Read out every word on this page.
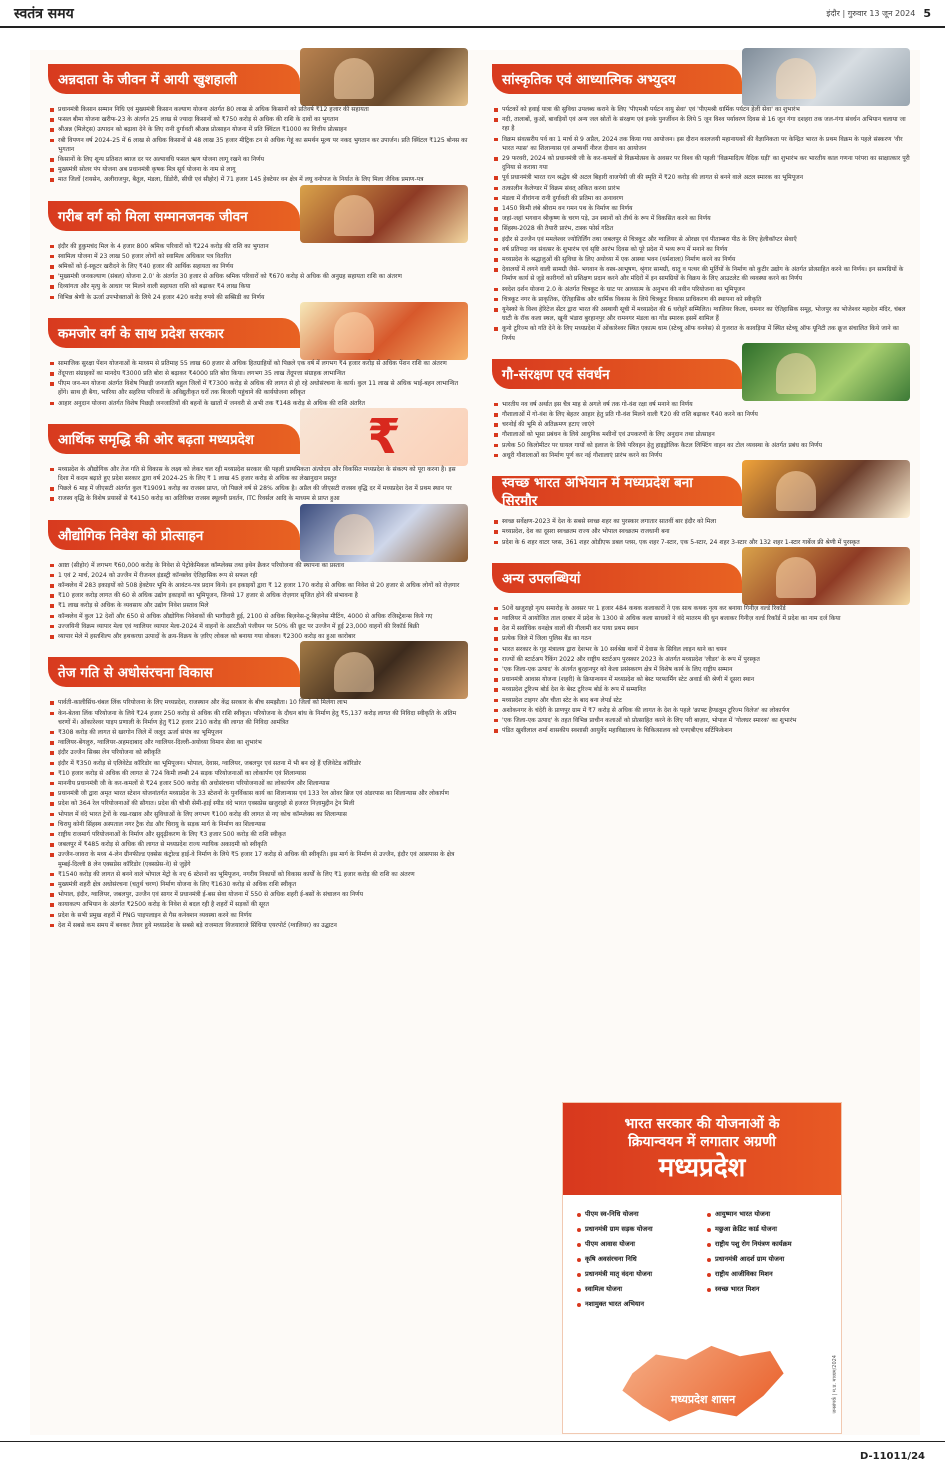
स्वतंत्र समय	इंदौर | गुरुवार 13 जून 2024 5
अन्नदाता के जीवन में आयी खुशहाली
प्रधानमंत्री किसान सम्मान निधि एवं मुख्यमंत्री किसान कल्याण योजना अंतर्गत 80 लाख से अधिक किसानों को प्रतिवर्ष ₹12 हजार की सहायता
फसल बीमा योजना खरीफ-23 के अंतर्गत 25 लाख से ज्यादा किसानों को ₹750 करोड़ से अधिक की राशि के दावों का भुगतान
श्रीअन्न (मिलेट्स) उत्पादन को बढ़ावा देने के लिए रानी दुर्गावती श्रीअन्न प्रोत्साहन योजना में प्रति क्विंटल ₹1000 का वित्तीय प्रोत्साहन
रबी विपणन वर्ष 2024-25 में 6 लाख से अधिक किसानों से 48 लाख 35 हजार मीट्रिक टन से अधिक गेहूं का समर्थन मूल्य पर नकद भुगतान कर उपार्जन। प्रति क्विंटल ₹125 बोनस का भुगतान
किसानों के लिए शून्य प्रतिशत ब्याज दर पर अल्पावधि फसल ऋण योजना लागू रखने का निर्णय
मुख्यमंत्री सोलर पंप योजना अब प्रधानमंत्री कृषक मित्र सूर्य योजना के नाम से लागू
मात जिलों (रायसेन, अलीराजपुर, बैतूल, मंडला, डिंडोरी, सीधी एवं सीहोर) में 71 हजार 145 हेक्टेयर वन क्षेत्र में लघु वनोपज के निर्यात के लिए मिला जैविक प्रमाण-पत्र
गरीब वर्ग को मिला सम्मानजनक जीवन
इंदौर की हुकुमचंद मिल के 4 हजार 800 श्रमिक परिवारों को ₹224 करोड़ की राशि का भुगतान
स्वामित्व योजना में 23 लाख 50 हजार लोगों को स्वामित्व अधिकार पत्र वितरित
श्रमिकों को ई-स्कूटर खरीदने के लिए ₹40 हजार की आर्थिक सहायता का निर्णय
'मुख्यमंत्री जनकल्याण (संबल) योजना 2.0' के अंतर्गत 30 हजार से अधिक श्रमिक परिवारों को ₹670 करोड़ से अधिक की अनुग्रह सहायता राशि का अंतरण
दिव्यांगता और मृत्यु के आधार पर मिलने वाली सहायता राशि को बढ़ाकर ₹4 लाख किया
विभिन्न श्रेणी के ऊर्जा उपभोक्ताओं के लिये 24 हजार 420 करोड़ रुपये की सब्सिडी का निर्णय
कमजोर वर्ग के साथ प्रदेश सरकार
सामाजिक सुरक्षा पेंशन योजनाओं के माध्यम से प्रतिमाह 55 लाख 60 हजार से अधिक हितग्राहियों को पिछले एक वर्ष में लगभग ₹4 हजार करोड़ से अधिक पेंशन राशि का अंतरण
तेंदूपत्ता संग्राहकों का मानदेय ₹3000 प्रति बोरा से बढ़ाकर ₹4000 प्रति बोरा किया। लगभग 35 लाख तेंदूपत्ता संग्राहक लाभान्वित
पीएम जन-मन योजना अंतर्गत विशेष पिछड़ी जनजाति बहुल जिलों में ₹7300 करोड़ से अधिक की लागत से हो रहे अधोसंरचना के कार्य। कुल 11 लाख से अधिक भाई-बहन लाभान्वित होंगे। साथ ही बैगा, भारिया और सहरिया परिवारों के अविद्युतीकृत घरों तक बिजली पहुंचाने की कार्ययोजना स्वीकृत
आहार अनुदान योजना अंतर्गत विशेष पिछड़ी जनजातियों की बहनों के खातों में जनवरी से अभी तक ₹148 करोड़ से अधिक की राशि अंतरित
आर्थिक समृद्धि की ओर बढ़ता मध्यप्रदेश	₹
मध्यप्रदेश के औद्योगिक और तेज गति से विकास के लक्ष्य को लेकर चल रही मध्यप्रदेश सरकार की पहली प्राथमिकता अंत्योदय और विकसित मध्यप्रदेश के संकल्प को पूरा करना है। इस दिशा में कदम बढ़ाते हुए प्रदेश सरकार द्वारा वर्ष 2024-25 के लिए ₹ 1 लाख 45 हजार करोड़ से अधिक का लेखानुदान प्रस्तुत
पिछले 6 माह में जीएसटी अंतर्गत कुल ₹19091 करोड़ का राजस्व प्राप्त, जो पिछले वर्ष से 28% अधिक है। अप्रैल की जीएसटी राजस्व वृद्धि दर में मध्यप्रदेश देश में प्रथम स्थान पर
राजस्व वृद्धि के विशेष प्रयासों से ₹4150 करोड़ का अतिरिक्त राजस्व स्थूलनी प्रवर्तन, ITC रिवर्सल आदि के माध्यम से प्राप्त हुआ
औद्योगिक निवेश को प्रोत्साहन
आष्टा (सीहोर) में लगभग ₹60,000 करोड़ के निवेश से पेट्रोकेमिकल कॉम्प्लेक्स तथा इथेन क्रैकर परियोजना की स्थापना का प्रस्ताव
1 एवं 2 मार्च, 2024 को उज्जैन में रीजनल इंडस्ट्री कॉन्क्लेव ऐतिहासिक रूप से सफल रही
कॉन्क्लेव में 283 इकाइयों को 508 हेक्टेयर भूमि के आवंटन-पत्र प्रदान किये। इन इकाइयों द्वारा ₹ 12 हजार 170 करोड़ से अधिक का निवेश से 20 हजार से अधिक लोगों को रोज़गार
₹10 हजार करोड़ लागत की 60 से अधिक उद्योग इकाइयों का भूमिपूजन, जिनसे 17 हजार से अधिक रोज़गार सृजित होने की संभावना है
₹1 लाख करोड़ से अधिक के व्यवसाय और उद्योग निवेश प्रस्ताव मिले
कॉन्क्लेव में कुल 12 देशों और 650 से अधिक औद्योगिक निवेशकों की भागीदारी हुई, 2100 से अधिक बिज़नेस-टू-बिज़नेस मीटिंग, 4000 से अधिक रजिस्ट्रेशन्स किये गए
उज्जयिनी विक्रम व्यापार मेला एवं ग्वालियर व्यापार मेला-2024 में वाहनों के आरटीओ पंजीयन पर 50% की छूट पर उज्जैन में हुई 23,000 वाहनों की रिकॉर्ड बिक्री
व्यापार मेले में हस्तशिल्प और हथकरघा उत्पादों के क्रय-विक्रय के ज़रिए लोकल को बनाया गया वोकल। ₹2300 करोड़ का हुआ कारोबार
तेज गति से अधोसंरचना विकास
पार्वती-कालीसिंध-चंबल लिंक परियोजना के लिए मध्यप्रदेश, राजस्थान और केंद्र सरकार के बीच समझौता। 10 जिलों को मिलेगा लाभ
केन-बेतवा लिंक परियोजना के लिये ₹24 हजार 250 करोड़ से अधिक की राशि स्वीकृत। परियोजना के दौधन बांध के निर्माण हेतु ₹5,137 करोड़ लागत की निविदा स्वीकृति के अंतिम चरणों में। ओंकारेश्वर पाइप प्रणाली के निर्माण हेतु ₹12 हजार 210 करोड़ की लागत की निविदा आमंत्रित
₹308 करोड़ की लागत से खरगोन जिले में जलूद ऊर्जा संयंत्र का भूमिपूजन
ग्वालियर-बेंगलुरु, ग्वालियर-अहमदाबाद और ग्वालियर-दिल्ली-अयोध्या विमान सेवा का शुभारंभ
इंदौर उज्जैन सिक्स लेन परियोजना को स्वीकृति
इंदौर में ₹350 करोड़ से एलिवेटेड कॉरिडोर का भूमिपूजन। भोपाल, देवास, ग्वालियर, जबलपुर एवं सतना में भी बन रहे हैं एलिवेटेड कॉरिडोर
₹10 हजार करोड़ से अधिक की लागत से 724 किमी लम्बी 24 सड़क परियोजनाओं का लोकार्पण एवं शिलान्यास
माननीय प्रधानमंत्री जी के कर-कमलों से ₹24 हजार 500 करोड़ की अधोसंरचना परियोजनाओं का लोकार्पण और शिलान्यास
प्रधानमंत्री जी द्वारा अमृत भारत स्टेशन योजनांतर्गत मध्यप्रदेश के 33 स्टेशनों के पुनर्विकास कार्य का शिलान्यास एवं 133 रेल ओवर ब्रिज एवं अंडरपास का शिलान्यास और लोकार्पण
प्रदेश को 364 रेल परियोजनाओं की सौगात। प्रदेश की चौथी सेमी-हाई स्पीड वंदे भारत एक्सप्रेस खजुराहो से हजरत निज़ामुद्दीन ट्रेन मिली
भोपाल में वंदे भारत ट्रेनों के रख-रखाव और सुविधाओं के लिए लगभग ₹100 करोड़ की लागत से नए कोच कॉम्प्लेक्स का शिलान्यास
चिरायु कोनी सिंहस्थ अस्पताल नगर ट्रैक रोड और चिरायु के सड़क मार्ग के निर्माण का शिलान्यास
राष्ट्रीय राजमार्ग परियोजनाओं के निर्माण और सुदृढ़ीकरण के लिए ₹3 हजार 500 करोड़ की राशि स्वीकृत
जबलपुर में ₹485 करोड़ से अधिक की लागत से मध्यप्रदेश राज्य न्यायिक अकादमी को स्वीकृति
उज्जैन-जावरा के मध्य 4-लेन ग्रीनफील्ड एक्सेस कंट्रोल्ड हाई-वे निर्माण के लिये ₹5 हजार 17 करोड़ से अधिक की स्वीकृति। इस मार्ग के निर्माण से उज्जैन, इंदौर एवं आसपास के क्षेत्र मुम्बई-दिल्ली 8 लेन एक्सप्रेस कॉरिडोर (एक्सप्रेस-वे) से जुड़ेंगे
₹1540 करोड़ की लागत से बनने वाले भोपाल मेट्रो के नए 6 स्टेशनों का भूमिपूजन, नगरीय निकायों को विकास कार्यों के लिए ₹1 हजार करोड़ की राशि का अंतरण
मुख्यमंत्री शहरी क्षेत्र अधोसंरचना (चतुर्थ चरण) निर्माण योजना के लिए ₹1630 करोड़ से अधिक राशि स्वीकृत
भोपाल, इंदौर, ग्वालियर, जबलपुर, उज्जैन एवं सागर में प्रधानमंत्री ई-बस सेवा योजना में 550 से अधिक शहरी ई-बसों के संचालन का निर्णय
कायाकल्प अभियान के अंतर्गत ₹2500 करोड़ के निवेश से बदल रही है शहरों में सड़कों की सूरत
प्रदेश के सभी प्रमुख शहरों में PNG पाइपलाइन से गैस कनेक्शन व्यवस्था करने का निर्णय
देश में सबसे कम समय में बनकर तैयार हुये मध्यप्रदेश के सबसे बड़े राजमाता विजयाराजे सिंधिया एयरपोर्ट (ग्वालियर) का उद्घाटन
सांस्कृतिक एवं आध्यात्मिक अभ्युदय
पर्यटकों को हवाई यात्रा की सुविधा उपलब्ध कराने के लिए 'पीएमश्री पर्यटन वायु सेवा' एवं 'पीएमश्री धार्मिक पर्यटन हेली सेवा' का शुभारंभ
नदी, तालाबों, कुओं, बावड़ियों एवं अन्य जल स्रोतों के संरक्षण एवं इनके पुनर्जीवन के लिये 5 जून विश्व पर्यावरण दिवस से 16 जून गंगा दशहरा तक जल-गंगा संवर्धन अभियान चलाया जा रहा है
विक्रम संवत्सरीय पर्व का 1 मार्च से 9 अप्रैल, 2024 तक किया गया आयोजन। इस दौरान कालजयी महानायकों की वैज्ञानिकता पर केन्द्रित भारत के प्रथम विक्रम के पहले संस्करण 'वीर भारत न्यास' का शिलान्यास एवं अभ्यर्थी नीरज दीवान का आयोजन
29 फरवरी, 2024 को प्रधानमंत्री जी के कर-कमलों से विक्रमोत्सव के अवसर पर विश्व की पहली 'विक्रमादित्य वैदिक घड़ी' का शुभारंभ कर भारतीय काल गणना परंपरा का साक्षात्कार पूरी दुनिया से कराया गया
पूर्व प्रधानमंत्री भारत रत्न श्रद्धेय श्री अटल बिहारी वाजपेयी जी की स्मृति में ₹20 करोड़ की लागत से बनने वाले अटल स्मारक का भूमिपूजन
तत्कालीन कैलेण्डर में विक्रम संवत् अंकित करना प्रारंभ
मंडला में वीरांगना रानी दुर्गावती की प्रतिमा का अनावरण
1450 किमी लंबे श्रीराम वन गमन पथ के निर्माण का निर्णय
जहां-जहां भगवान श्रीकृष्ण के चरण पड़े, उन स्थानों को तीर्थ के रूप में विकसित करने का निर्णय
सिंहस्थ-2028 की तैयारी प्रारंभ, टास्क फोर्स गठित
इंदौर से उज्जैन एवं ममलेश्वर ज्योतिर्लिंग तथा जबलपुर से चित्रकूट और ग्वालियर से ओरछा एवं पीताम्बरा पीठ के लिए हेलीकॉप्टर सेवाएँ
वर्ष प्रतिपदा नव संवत्सर के शुभारंभ एवं सृष्टि आरंभ दिवस को पूरे प्रदेश में भव्य रूप में मनाने का निर्णय
मध्यप्रदेश के श्रद्धालुओं की सुविधा के लिए अयोध्या में एक आस्था भवन (धर्मशाला) निर्माण करने का निर्णय
देवालयों में लगने वाली सामग्री जैसे- भगवान के वस्त्र-आभूषण, श्रृंगार सामग्री, धातु व पत्थर की मूर्तियों के निर्माण को कुटीर उद्योग के अंतर्गत प्रोत्साहित करने का निर्णय। इन सामग्रियों के निर्माण कार्य से जुड़े कारीगरों को प्रशिक्षण प्रदान करने और मंदिरों में इन सामग्रियों के विक्रय के लिए आउटलेट की व्यवस्था करने का निर्णय
स्वदेश दर्शन योजना 2.0 के अंतर्गत चित्रकूट के घाट पर आध्यात्म के अनुभव की नवीन परियोजना का भूमिपूजन
चित्रकूट नगर के प्राकृतिक, ऐतिहासिक और धार्मिक विकास के लिये चित्रकूट विकास प्राधिकरण की स्थापना को स्वीकृति
यूनेस्को के विश्व हेरिटेज सेंटर द्वारा भारत की अस्थायी सूची में मध्यप्रदेश की 6 धरोहरें सम्मिलित। ग्वालियर किला, धमनार का ऐतिहासिक समूह, भोजपुर का भोजेश्वर महादेव मंदिर, चंबल घाटी के रॉक कला स्थल, खूनी भंडारा बुरहानपुर और रामनगर मंडला का गोंड स्मारक इसमें शामिल हैं
कूनो टूरिज्म को गति देने के लिए मध्यप्रदेश में ओंकारेश्वर स्थित एकात्म धाम (स्टेच्यू ऑफ वननेस) से गुजरात के कावड़िया में स्थित स्टेच्यू ऑफ यूनिटी तक क्रूज संचालित किये जाने का निर्णय
गौ-संरक्षण एवं संवर्धन
भारतीय नव वर्ष अर्थात इस चैत्र माह से अगले वर्ष तक गो-वंश रक्षा वर्ष मनाने का निर्णय
गौशालाओं में गो-वंश के लिए बेहतर आहार हेतु प्रति गौ-वंश मिलने वाली ₹20 की राशि बढ़ाकर ₹40 करने का निर्णय
चरनोई की भूमि से अतिक्रमण हटाए जाएंगे
गौशालाओं को भूसा प्रबंधन के लिये आधुनिक मशीनों एवं उपकरणों के लिए अनुदान तथा प्रोत्साहन
प्रत्येक 50 किलोमीटर पर घायल गायों को इलाज के लिये परिवहन हेतु हाइड्रोलिक कैटल लिफ्टिंग वाहन का टोल व्यवस्था के अंतर्गत प्रबंध का निर्णय
अधूरी गौशालाओं का निर्माण पूर्ण कर नई गौशालाएं प्रारंभ करने का निर्णय
स्वच्छ भारत अभियान में मध्यप्रदेश बना सिरमौर
स्वच्छ सर्वेक्षण-2023 में देश के सबसे स्वच्छ शहर का पुरस्कार लगातार सातवीं बार इंदौर को मिला
मध्यप्रदेश, देश का दूसरा स्वच्छतम राज्य और भोपाल स्वच्छतम राजधानी बना
प्रदेश के 6 शहर वाटर प्लस, 361 शहर ओडीएफ डबल प्लस, एक शहर 7-स्टार, एक 5-स्टार, 24 शहर 3-स्टार और 132 शहर 1-स्टार गार्बेज फ्री श्रेणी में पुरस्कृत
अन्य उपलब्धियां
50वें खजुराहो नृत्य समारोह के अवसर पर 1 हजार 484 कथक कलाकारों ने एक साथ कथक नृत्य कर बनाया गिनीज़ वर्ल्ड रिकॉर्ड
ग्वालियर में आयोजित ताल दरबार में प्रदेश के 1300 से अधिक कला साधकों ने वंदे मातरम की धुन बजाकर गिनीज़ वर्ल्ड रिकॉर्ड में प्रदेश का नाम दर्ज किया
देश में सर्वाधिक वनक्षेत्र वालों की नीलामी कर पाया प्रथम स्थान
प्रत्येक जिले में जिला पुलिस बैंड का गठन
भारत सरकार के गृह मंत्रालय द्वारा देशभर के 10 सर्वश्रेष्ठ थानों में देवास के सिविल लाइन थाने का चयन
राज्यों की स्टार्टअप रैंकिंग 2022 और राष्ट्रीय स्टार्टअप पुरस्कार 2023 के अंतर्गत मध्यप्रदेश 'लीडर' के रूप में पुरस्कृत
'एक जिला-एक उत्पाद' के अंतर्गत बुरहानपुर को केला प्रसंस्करण क्षेत्र में विशेष कार्य के लिए राष्ट्रीय सम्मान
प्रधानमंत्री आवास योजना (शहरी) के क्रियान्वयन में मध्यप्रदेश को बेस्ट परफार्मिंग स्टेट अवार्ड की श्रेणी में दूसरा स्थान
मध्यप्रदेश टूरिज्म बोर्ड देश के बेस्ट टूरिज्म बोर्ड के रूप में सम्मानित
मध्यप्रदेश टाइगर और चीता स्टेट के बाद बना लेपर्ड स्टेट
अशोकनगर के चंदेरी के प्राणपुर ग्राम में ₹7 करोड़ से अधिक की लागत के देश के पहले 'क्राफ्ट हैण्डलूम टूरिज्म विलेज' का लोकार्पण
'एक जिला-एक उत्पाद' के तहत विभिन्न प्राचीन कलाओं को प्रोत्साहित करने के लिए परी बाज़ार, भोपाल में 'गोलघर स्मारक' का शुभारंभ
पंडित खुशीलाल शर्मा शासकीय स्वशासी आयुर्वेद महाविद्यालय के चिकित्सालय को एनएबीएच सर्टिफिकेशन
भारत सरकार की योजनाओं के
क्रियान्वयन में लगातार अग्रणी
मध्यप्रदेश
पीएम स्व-निधि योजना
प्रधानमंत्री ग्राम सड़क योजना
पीएम आवास योजना
कृषि अवसंरचना निधि
प्रधानमंत्री मातृ वंदना योजना
स्वामित्व योजना
नशामुक्त भारत अभियान
आयुष्मान भारत योजना
मछुआ क्रेडिट कार्ड योजना
राष्ट्रीय पशु रोग नियंत्रण कार्यक्रम
प्रधानमंत्री आदर्श ग्राम योजना
राष्ट्रीय आजीविका मिशन
स्वच्छ भारत मिशन
मध्यप्रदेश शासन	जनसंपर्क | म.प्र. माध्यम/2024
D-11011/24
